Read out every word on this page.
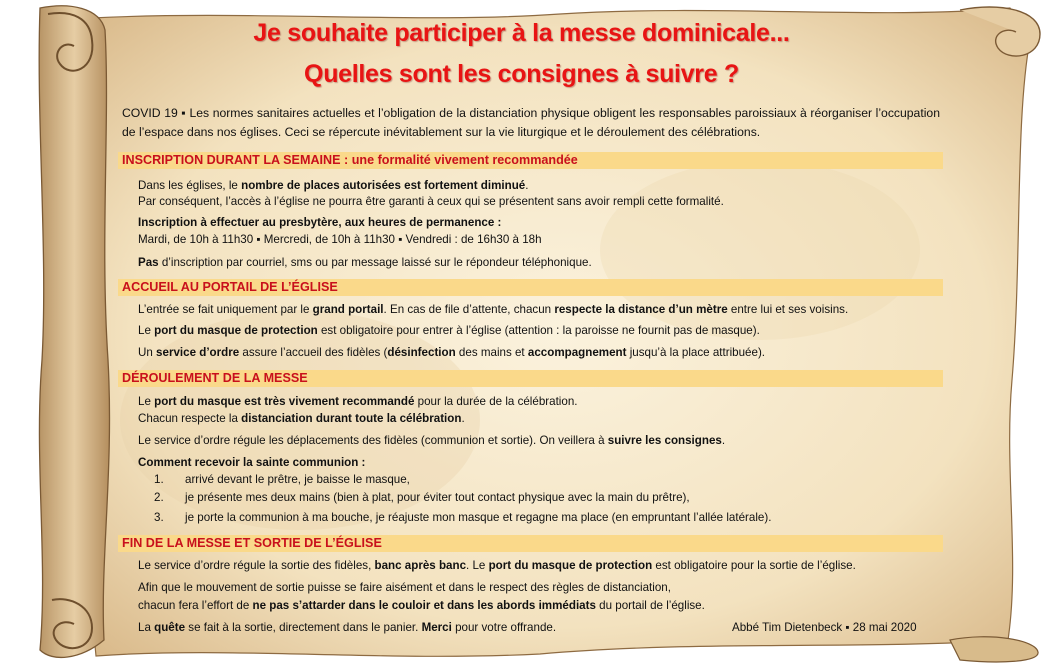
Je souhaite participer à la messe dominicale...
Quelles sont les consignes à suivre ?
COVID 19 ▪ Les normes sanitaires actuelles et l’obligation de la distanciation physique obligent les responsables paroissiaux à réorganiser l’occupation de l’espace dans nos églises. Ceci se répercute inévitablement sur la vie liturgique et le déroulement des célébrations.
INSCRIPTION DURANT LA SEMAINE : une formalité vivement recommandée
Dans les églises, le nombre de places autorisées est fortement diminué.
Par conséquent, l’accès à l’église ne pourra être garanti à ceux qui se présentent sans avoir rempli cette formalité.
Inscription à effectuer au presbytère, aux heures de permanence :
Mardi, de 10h à 11h30 ▪ Mercredi, de 10h à 11h30 ▪ Vendredi : de 16h30 à 18h
Pas d’inscription par courriel, sms ou par message laissé sur le répondeur téléphonique.
ACCUEIL AU PORTAIL DE L’ÉGLISE
L’entrée se fait uniquement par le grand portail. En cas de file d’attente, chacun respecte la distance d’un mètre entre lui et ses voisins.
Le port du masque de protection est obligatoire pour entrer à l’église (attention : la paroisse ne fournit pas de masque).
Un service d’ordre assure l’accueil des fidèles (désinfection des mains et accompagnement jusqu’à la place attribuée).
DÉROULEMENT DE LA MESSE
Le port du masque est très vivement recommandé pour la durée de la célébration.
Chacun respecte la distanciation durant toute la célébration.
Le service d’ordre régule les déplacements des fidèles (communion et sortie). On veillera à suivre les consignes.
Comment recevoir la sainte communion :
1. arrivé devant le prêtre, je baisse le masque,
2. je présente mes deux mains (bien à plat, pour éviter tout contact physique avec la main du prêtre),
3. je porte la communion à ma bouche, je réajuste mon masque et regagne ma place (en empruntant l’allée latérale).
FIN DE LA MESSE ET SORTIE DE L’ÉGLISE
Le service d’ordre régule la sortie des fidèles, banc après banc. Le port du masque de protection est obligatoire pour la sortie de l’église.
Afin que le mouvement de sortie puisse se faire aisément et dans le respect des règles de distanciation,
chacun fera l’effort de ne pas s’attarder dans le couloir et dans les abords immédiats du portail de l’église.
La quête se fait à la sortie, directement dans le panier. Merci pour votre offrande.	Abbé Tim Dietenbeck ▪ 28 mai 2020
